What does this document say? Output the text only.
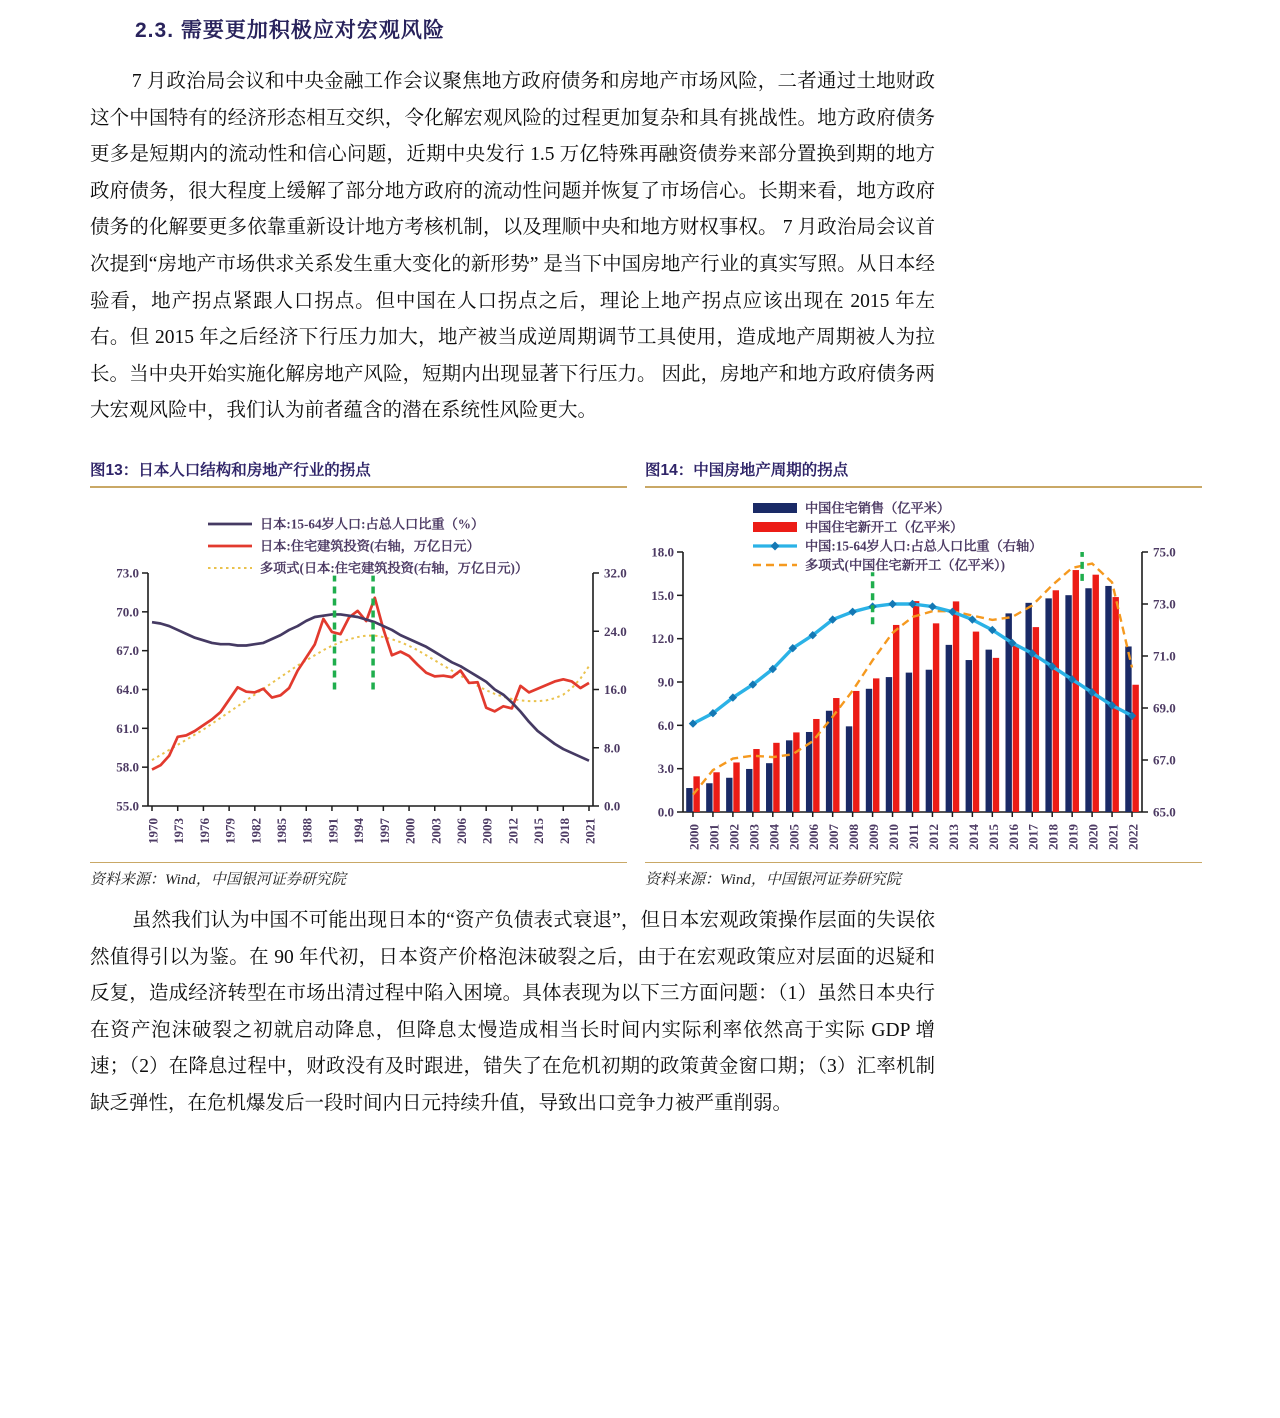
2.3. 需要更加积极应对宏观风险

7 月政治局会议和中央金融工作会议聚焦地方政府债务和房地产市场风险，二者通过土地财政这个中国特有的经济形态相互交织，令化解宏观风险的过程更加复杂和具有挑战性。地方政府债务更多是短期内的流动性和信心问题，近期中央发行 1.5 万亿特殊再融资债券来部分置换到期的地方政府债务，很大程度上缓解了部分地方政府的流动性问题并恢复了市场信心。长期来看，地方政府债务的化解要更多依靠重新设计地方考核机制，以及理顺中央和地方财权事权。 7 月政治局会议首次提到“房地产市场供求关系发生重大变化的新形势” 是当下中国房地产行业的真实写照。从日本经验看，地产拐点紧跟人口拐点。但中国在人口拐点之后，理论上地产拐点应该出现在 2015 年左右。但 2015 年之后经济下行压力加大，地产被当成逆周期调节工具使用，造成地产周期被人为拉长。当中央开始实施化解房地产风险，短期内出现显著下行压力。 因此，房地产和地方政府债务两大宏观风险中，我们认为前者蕴含的潜在系统性风险更大。

图13：日本人口结构和房地产行业的拐点
55.0
58.0
61.0
64.0
67.0
70.0
73.0
0.0
8.0
16.0
24.0
32.0
1970 1973 1976 1979 1982 1985 1988 1991 1994 1997 2000 2003 2006 2009 2012 2015 2018 2021
日本:15-64岁人口:占总人口比重（%）
日本:住宅建筑投资(右轴，万亿日元）
多项式(日本:住宅建筑投资(右轴，万亿日元)）
资料来源：Wind，中国银河证券研究院
图14：中国房地产周期的拐点
0.0
3.0
6.0
9.0
12.0
15.0
18.0
65.0
67.0
69.0
71.0
73.0
75.0
2000 2001 2002 2003 2004 2005 2006 2007 2008 2009 2010 2011 2012 2013 2014 2015 2016 2017 2018 2019 2020 2021 2022
中国住宅销售（亿平米）
中国住宅新开工（亿平米）
中国:15-64岁人口:占总人口比重（右轴）
多项式(中国住宅新开工（亿平米）)
资料来源：Wind，中国银河证券研究院

虽然我们认为中国不可能出现日本的“资产负债表式衰退”，但日本宏观政策操作层面的失误依然值得引以为鉴。在 90 年代初，日本资产价格泡沫破裂之后，由于在宏观政策应对层面的迟疑和反复，造成经济转型在市场出清过程中陷入困境。具体表现为以下三方面问题：（1）虽然日本央行在资产泡沫破裂之初就启动降息，但降息太慢造成相当长时间内实际利率依然高于实际 GDP 增速；（2）在降息过程中，财政没有及时跟进，错失了在危机初期的政策黄金窗口期；（3）汇率机制缺乏弹性，在危机爆发后一段时间内日元持续升值，导致出口竞争力被严重削弱。
